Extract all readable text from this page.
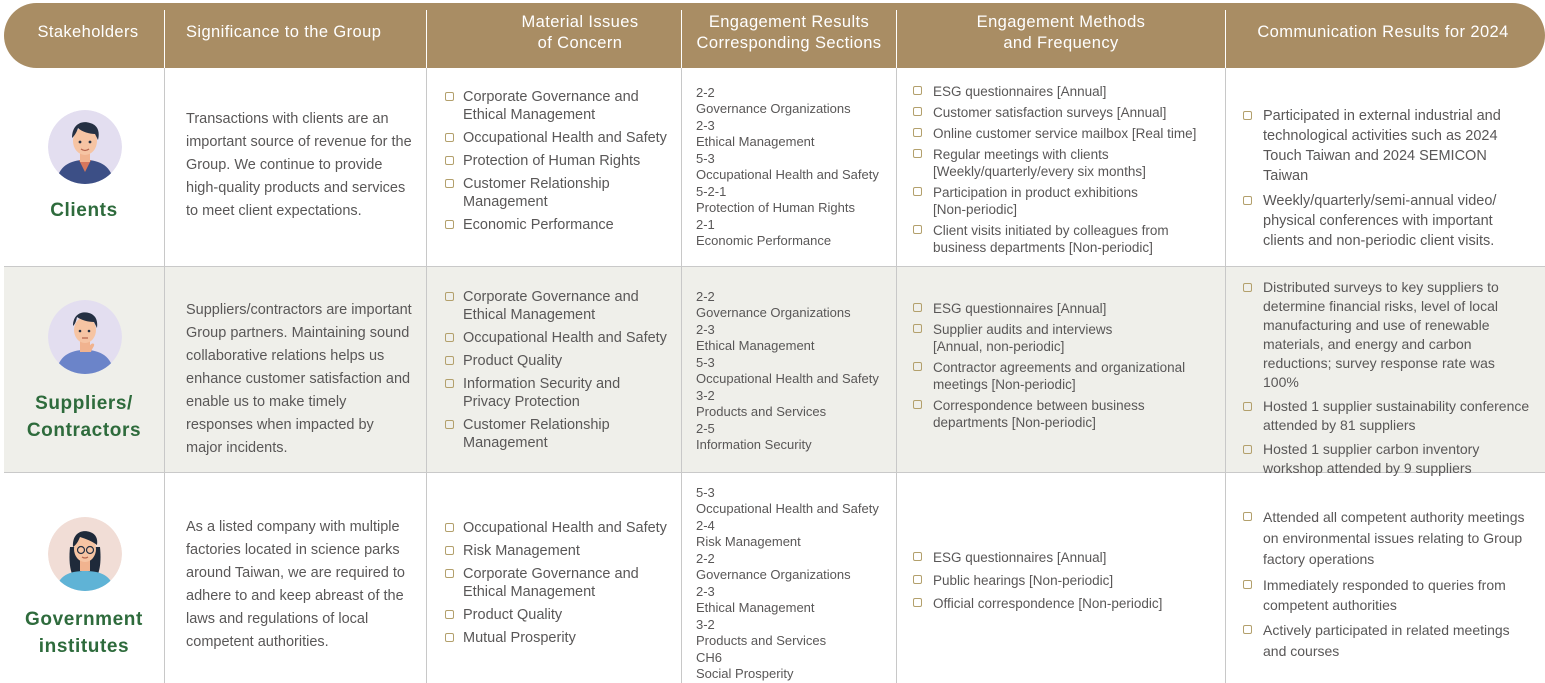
Stakeholders	Significance to the Group
Material Issues
of Concern
Engagement Results
Corresponding Sections
Engagement Methods
and Frequency
Communication Results for 2024
Clients
Transactions with clients are an important source of revenue for the Group. We continue to provide high-quality products and services to meet client expectations.
Corporate Governance and Ethical Management
Occupational Health and Safety
Protection of Human Rights
Customer Relationship Management
Economic Performance
2-2
Governance Organizations
2-3
Ethical Management
5-3
Occupational Health and Safety
5-2-1
Protection of Human Rights
2-1
Economic Performance
ESG questionnaires [Annual]
Customer satisfaction surveys [Annual]
Online customer service mailbox [Real time]
Regular meetings with clients [Weekly/quarterly/every six months]
Participation in product exhibitions [Non-periodic]
Client visits initiated by colleagues from business departments [Non-periodic]
Participated in external industrial and technological activities such as 2024 Touch Taiwan and 2024 SEMICON Taiwan
Weekly/quarterly/semi-annual video/ physical conferences with important clients and non-periodic client visits.
Suppliers/
Contractors
Suppliers/contractors are important Group partners. Maintaining sound collaborative relations helps us enhance customer satisfaction and enable us to make timely responses when impacted by major incidents.
Corporate Governance and Ethical Management
Occupational Health and Safety
Product Quality
Information Security and Privacy Protection
Customer Relationship Management
2-2
Governance Organizations
2-3
Ethical Management
5-3
Occupational Health and Safety
3-2
Products and Services
2-5
Information Security
ESG questionnaires [Annual]
Supplier audits and interviews [Annual, non-periodic]
Contractor agreements and organizational meetings [Non-periodic]
Correspondence between business departments [Non-periodic]
Distributed surveys to key suppliers to determine financial risks, level of local manufacturing and use of renewable materials, and energy and carbon reductions; survey response rate was 100%
Hosted 1 supplier sustainability conference attended by 81 suppliers
Hosted 1 supplier carbon inventory workshop attended by 9 suppliers
Government
institutes
As a listed company with multiple factories located in science parks around Taiwan, we are required to adhere to and keep abreast of the laws and regulations of local competent authorities.
Occupational Health and Safety
Risk Management
Corporate Governance and Ethical Management
Product Quality
Mutual Prosperity
5-3
Occupational Health and Safety
2-4
Risk Management
2-2
Governance Organizations
2-3
Ethical Management
3-2
Products and Services
CH6
Social Prosperity
ESG questionnaires [Annual]
Public hearings [Non-periodic]
Official correspondence [Non-periodic]
Attended all competent authority meetings on environmental issues relating to Group factory operations
Immediately responded to queries from competent authorities
Actively participated in related meetings and courses
